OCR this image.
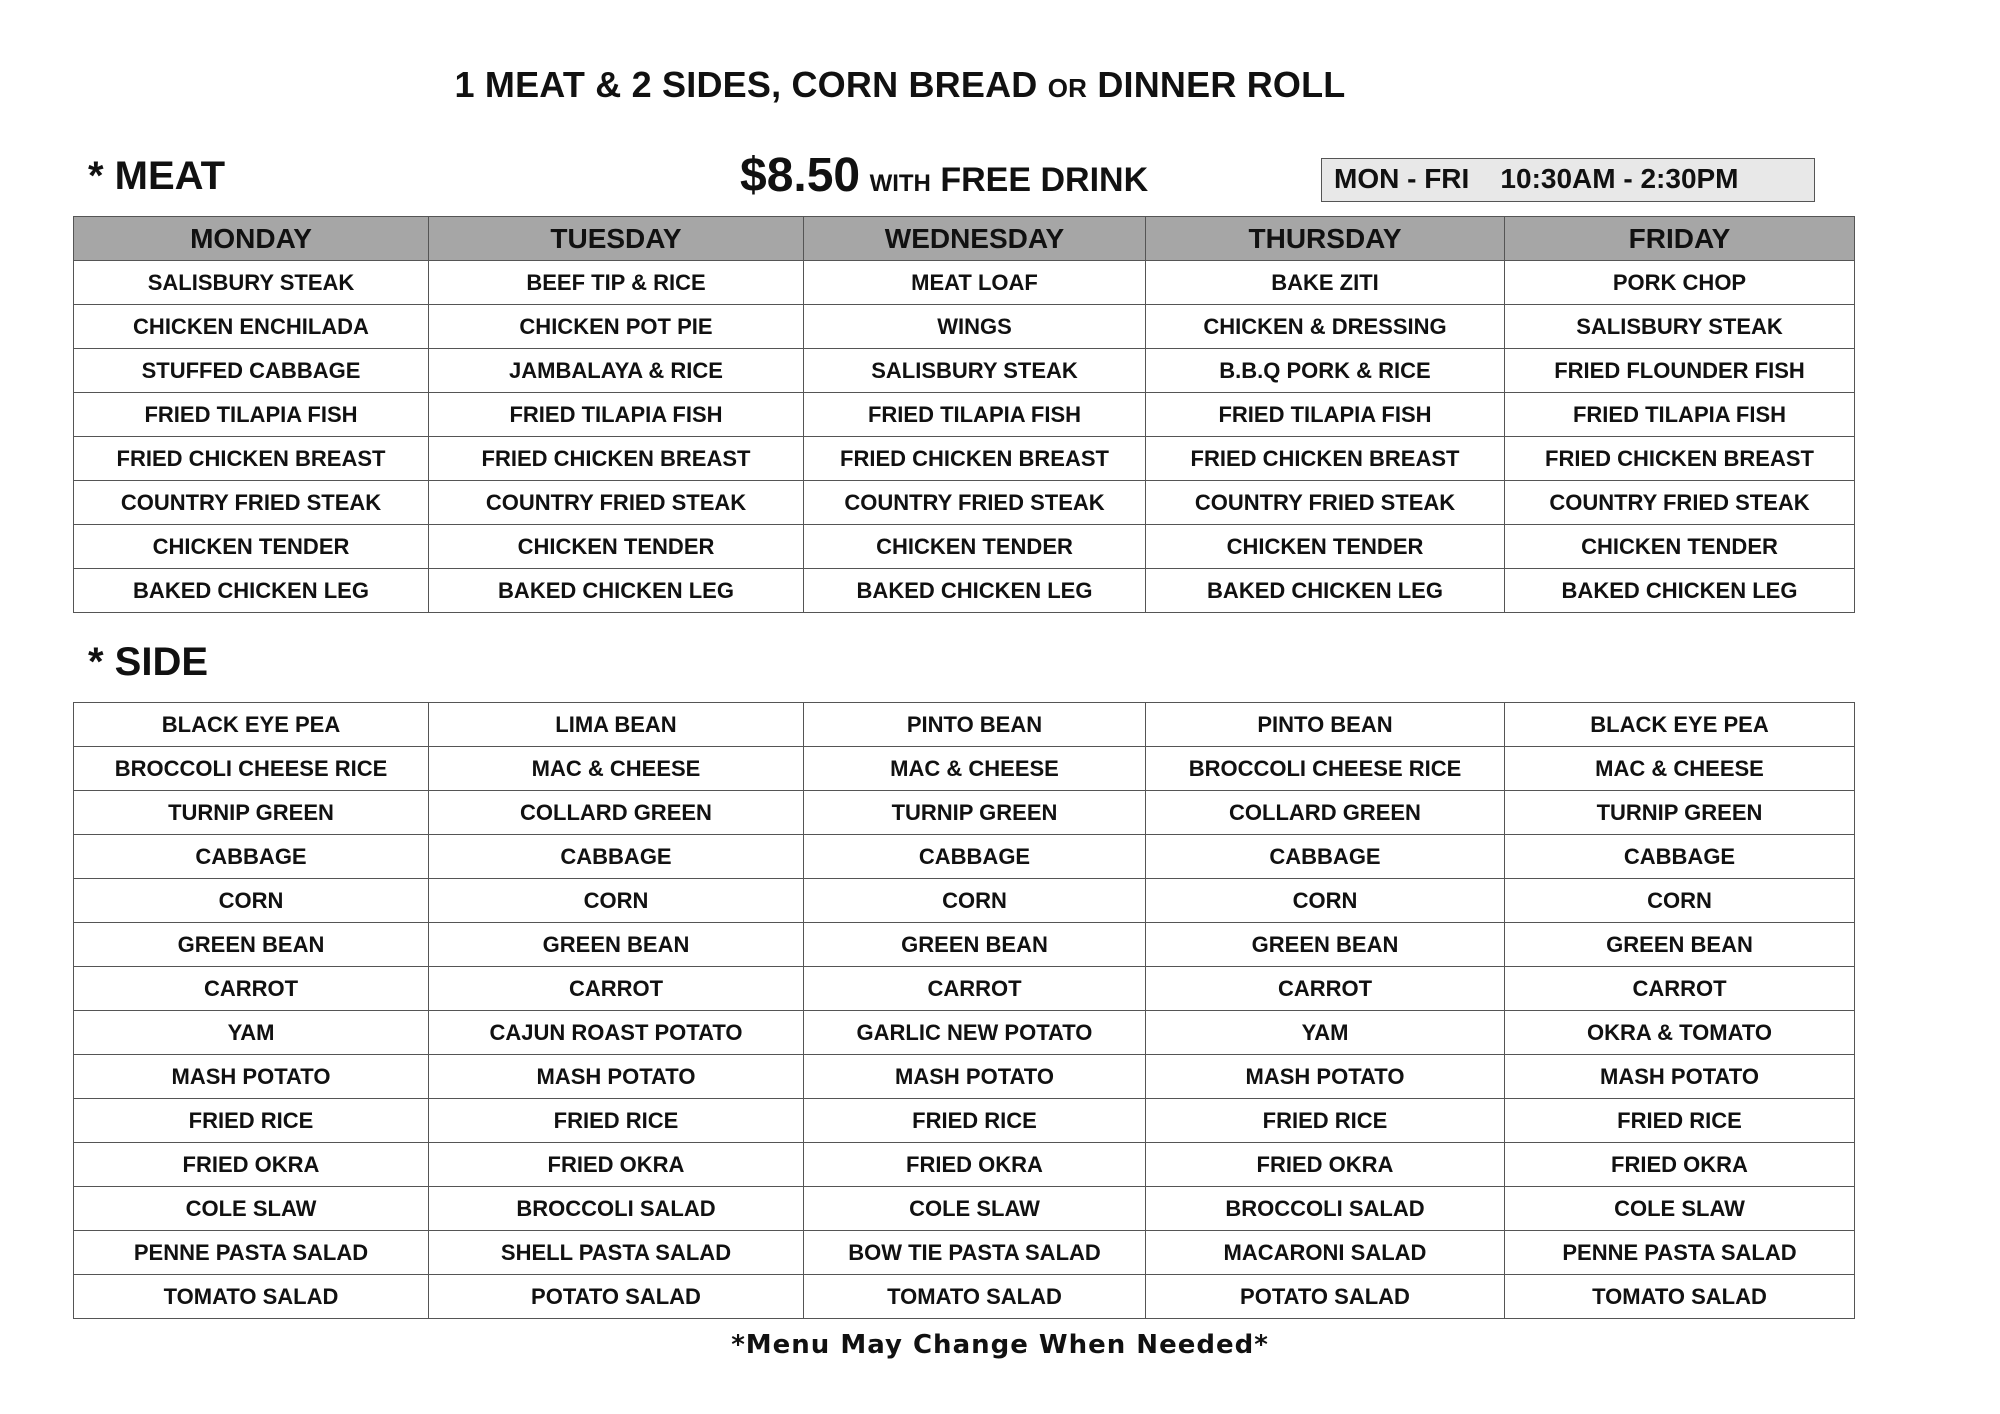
1 MEAT & 2 SIDES, CORN BREAD OR DINNER ROLL
* MEAT	$8.50 WITH FREE DRINK	MON - FRI    10:30AM - 2:30PM
MONDAY	TUESDAY	WEDNESDAY	THURSDAY	FRIDAY
SALISBURY STEAK	BEEF TIP & RICE	MEAT LOAF	BAKE ZITI	PORK CHOP
CHICKEN ENCHILADA	CHICKEN POT PIE	WINGS	CHICKEN & DRESSING	SALISBURY STEAK
STUFFED CABBAGE	JAMBALAYA & RICE	SALISBURY STEAK	B.B.Q PORK & RICE	FRIED FLOUNDER FISH
FRIED TILAPIA FISH	FRIED TILAPIA FISH	FRIED TILAPIA FISH	FRIED TILAPIA FISH	FRIED TILAPIA FISH
FRIED CHICKEN BREAST	FRIED CHICKEN BREAST	FRIED CHICKEN BREAST	FRIED CHICKEN BREAST	FRIED CHICKEN BREAST
COUNTRY FRIED STEAK	COUNTRY FRIED STEAK	COUNTRY FRIED STEAK	COUNTRY FRIED STEAK	COUNTRY FRIED STEAK
CHICKEN TENDER	CHICKEN TENDER	CHICKEN TENDER	CHICKEN TENDER	CHICKEN TENDER
BAKED CHICKEN LEG	BAKED CHICKEN LEG	BAKED CHICKEN LEG	BAKED CHICKEN LEG	BAKED CHICKEN LEG
* SIDE
BLACK EYE PEA	LIMA BEAN	PINTO BEAN	PINTO BEAN	BLACK EYE PEA
BROCCOLI CHEESE RICE	MAC & CHEESE	MAC & CHEESE	BROCCOLI CHEESE RICE	MAC & CHEESE
TURNIP GREEN	COLLARD GREEN	TURNIP GREEN	COLLARD GREEN	TURNIP GREEN
CABBAGE	CABBAGE	CABBAGE	CABBAGE	CABBAGE
CORN	CORN	CORN	CORN	CORN
GREEN BEAN	GREEN BEAN	GREEN BEAN	GREEN BEAN	GREEN BEAN
CARROT	CARROT	CARROT	CARROT	CARROT
YAM	CAJUN ROAST POTATO	GARLIC NEW POTATO	YAM	OKRA & TOMATO
MASH POTATO	MASH POTATO	MASH POTATO	MASH POTATO	MASH POTATO
FRIED RICE	FRIED RICE	FRIED RICE	FRIED RICE	FRIED RICE
FRIED OKRA	FRIED OKRA	FRIED OKRA	FRIED OKRA	FRIED OKRA
COLE SLAW	BROCCOLI SALAD	COLE SLAW	BROCCOLI SALAD	COLE SLAW
PENNE PASTA SALAD	SHELL PASTA SALAD	BOW TIE PASTA SALAD	MACARONI SALAD	PENNE PASTA SALAD
TOMATO SALAD	POTATO SALAD	TOMATO SALAD	POTATO SALAD	TOMATO SALAD
*Menu May Change When Needed*
